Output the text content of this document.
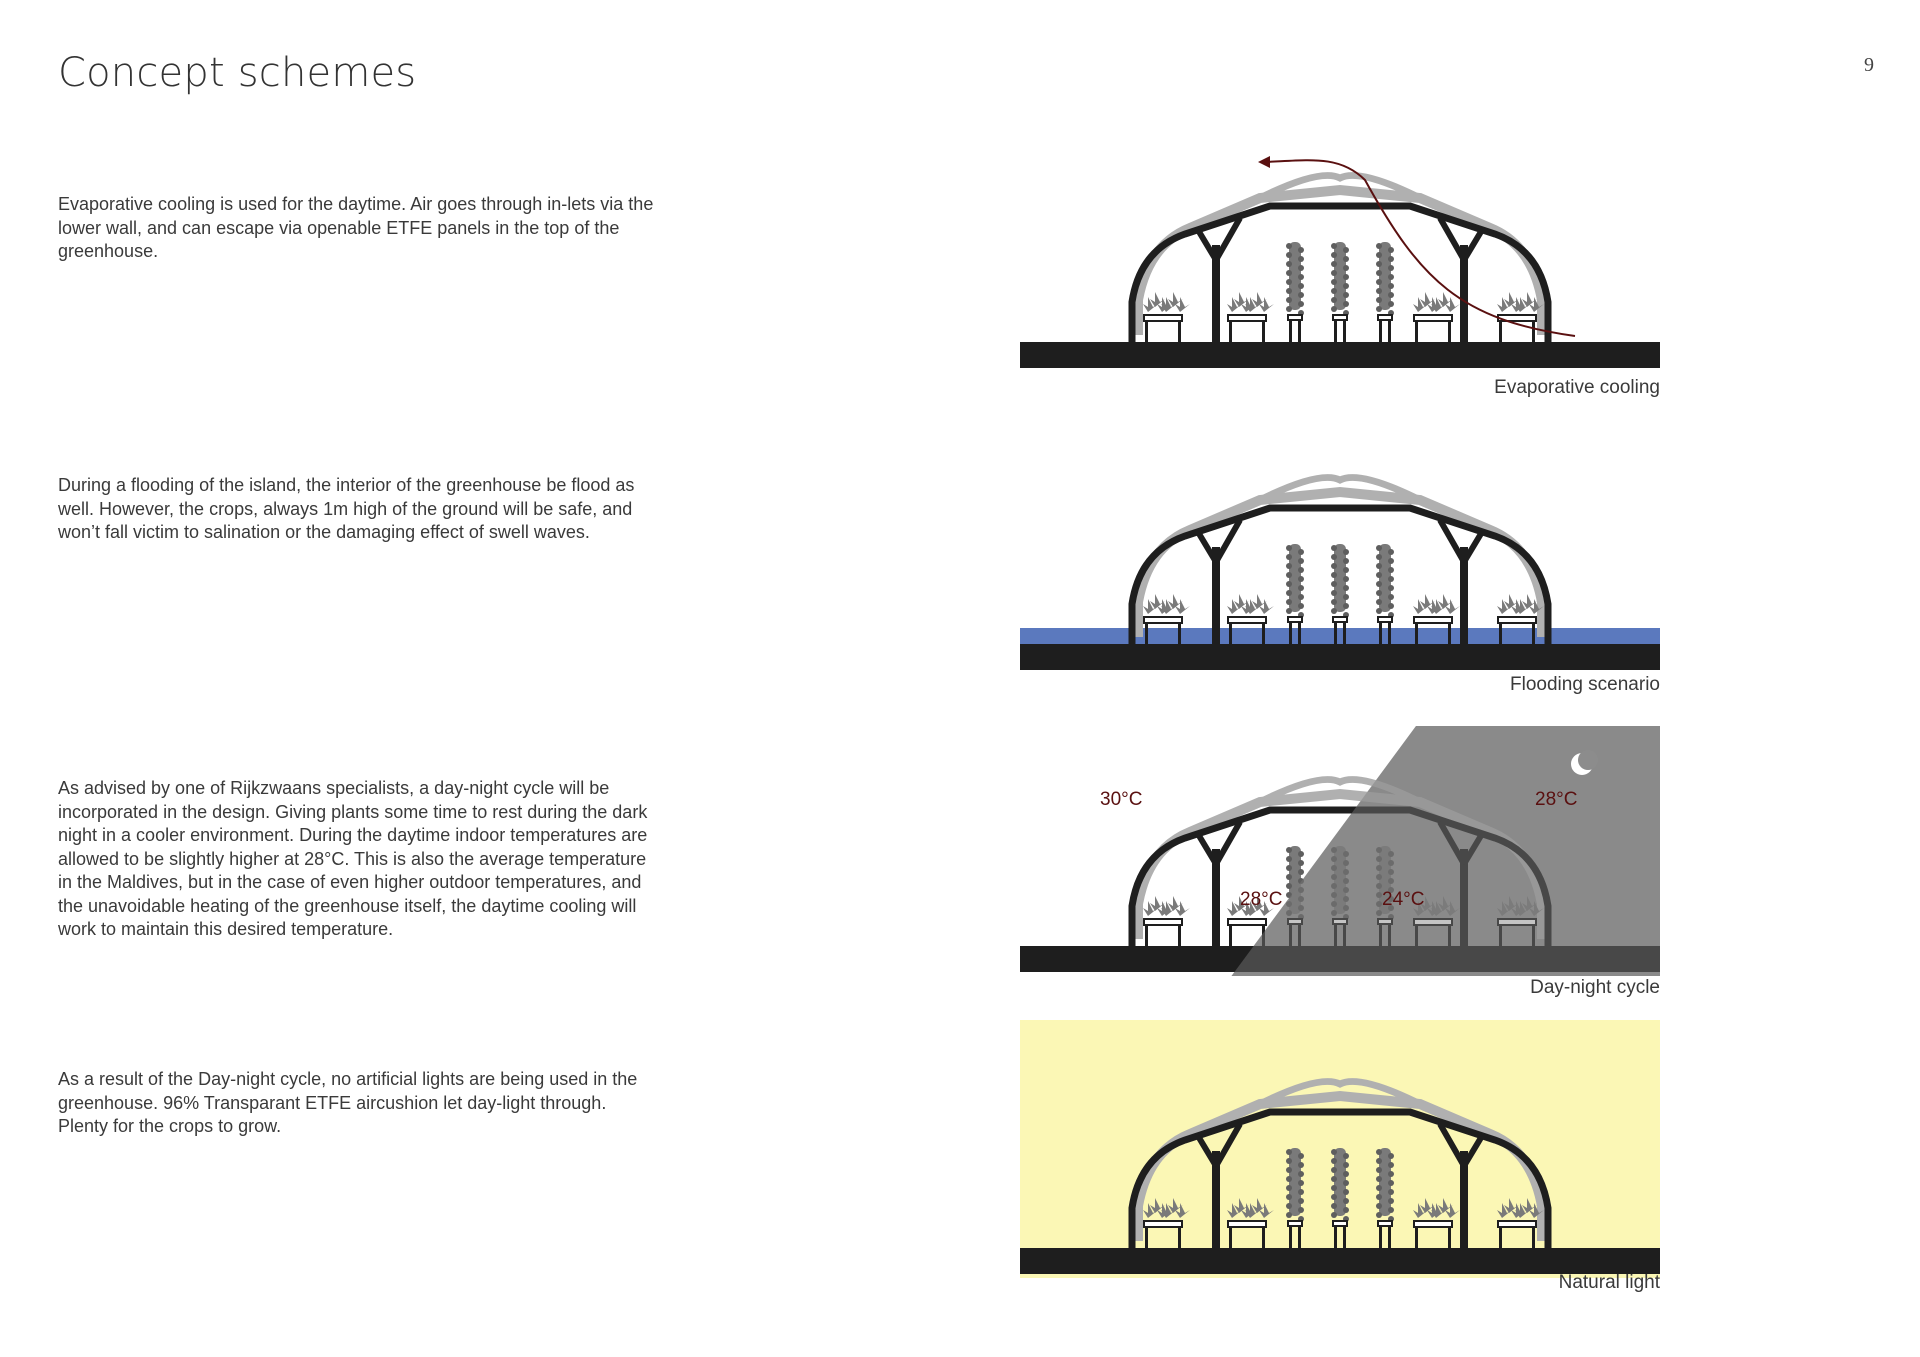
Concept schemes	9
Evaporative cooling is used for the daytime. Air goes through in-lets via the lower wall, and can escape via openable ETFE panels in the top of the greenhouse.
During a flooding of the island, the interior of the greenhouse be flood as well. However, the crops, always 1m high of the ground will be safe, and won’t fall victim to salination or the damaging effect of swell waves.
As advised by one of Rijkzwaans specialists, a day-night cycle will be incorporated in the design. Giving plants some time to rest during the dark night in a cooler environment. During the daytime indoor temperatures are allowed to be slightly higher at 28°C. This is also the average temperature in the Maldives, but in the case of even higher outdoor temperatures, and the unavoidable heating of the greenhouse itself, the daytime cooling will work to maintain this desired temperature.
As a result of the Day-night cycle, no artificial lights are being used in the greenhouse. 96% Transparant ETFE aircushion let day-light through. Plenty for the crops to grow.
Evaporative cooling
Flooding scenario
30°C	28°C
28°C	24°C
Day-night cycle
Natural light
